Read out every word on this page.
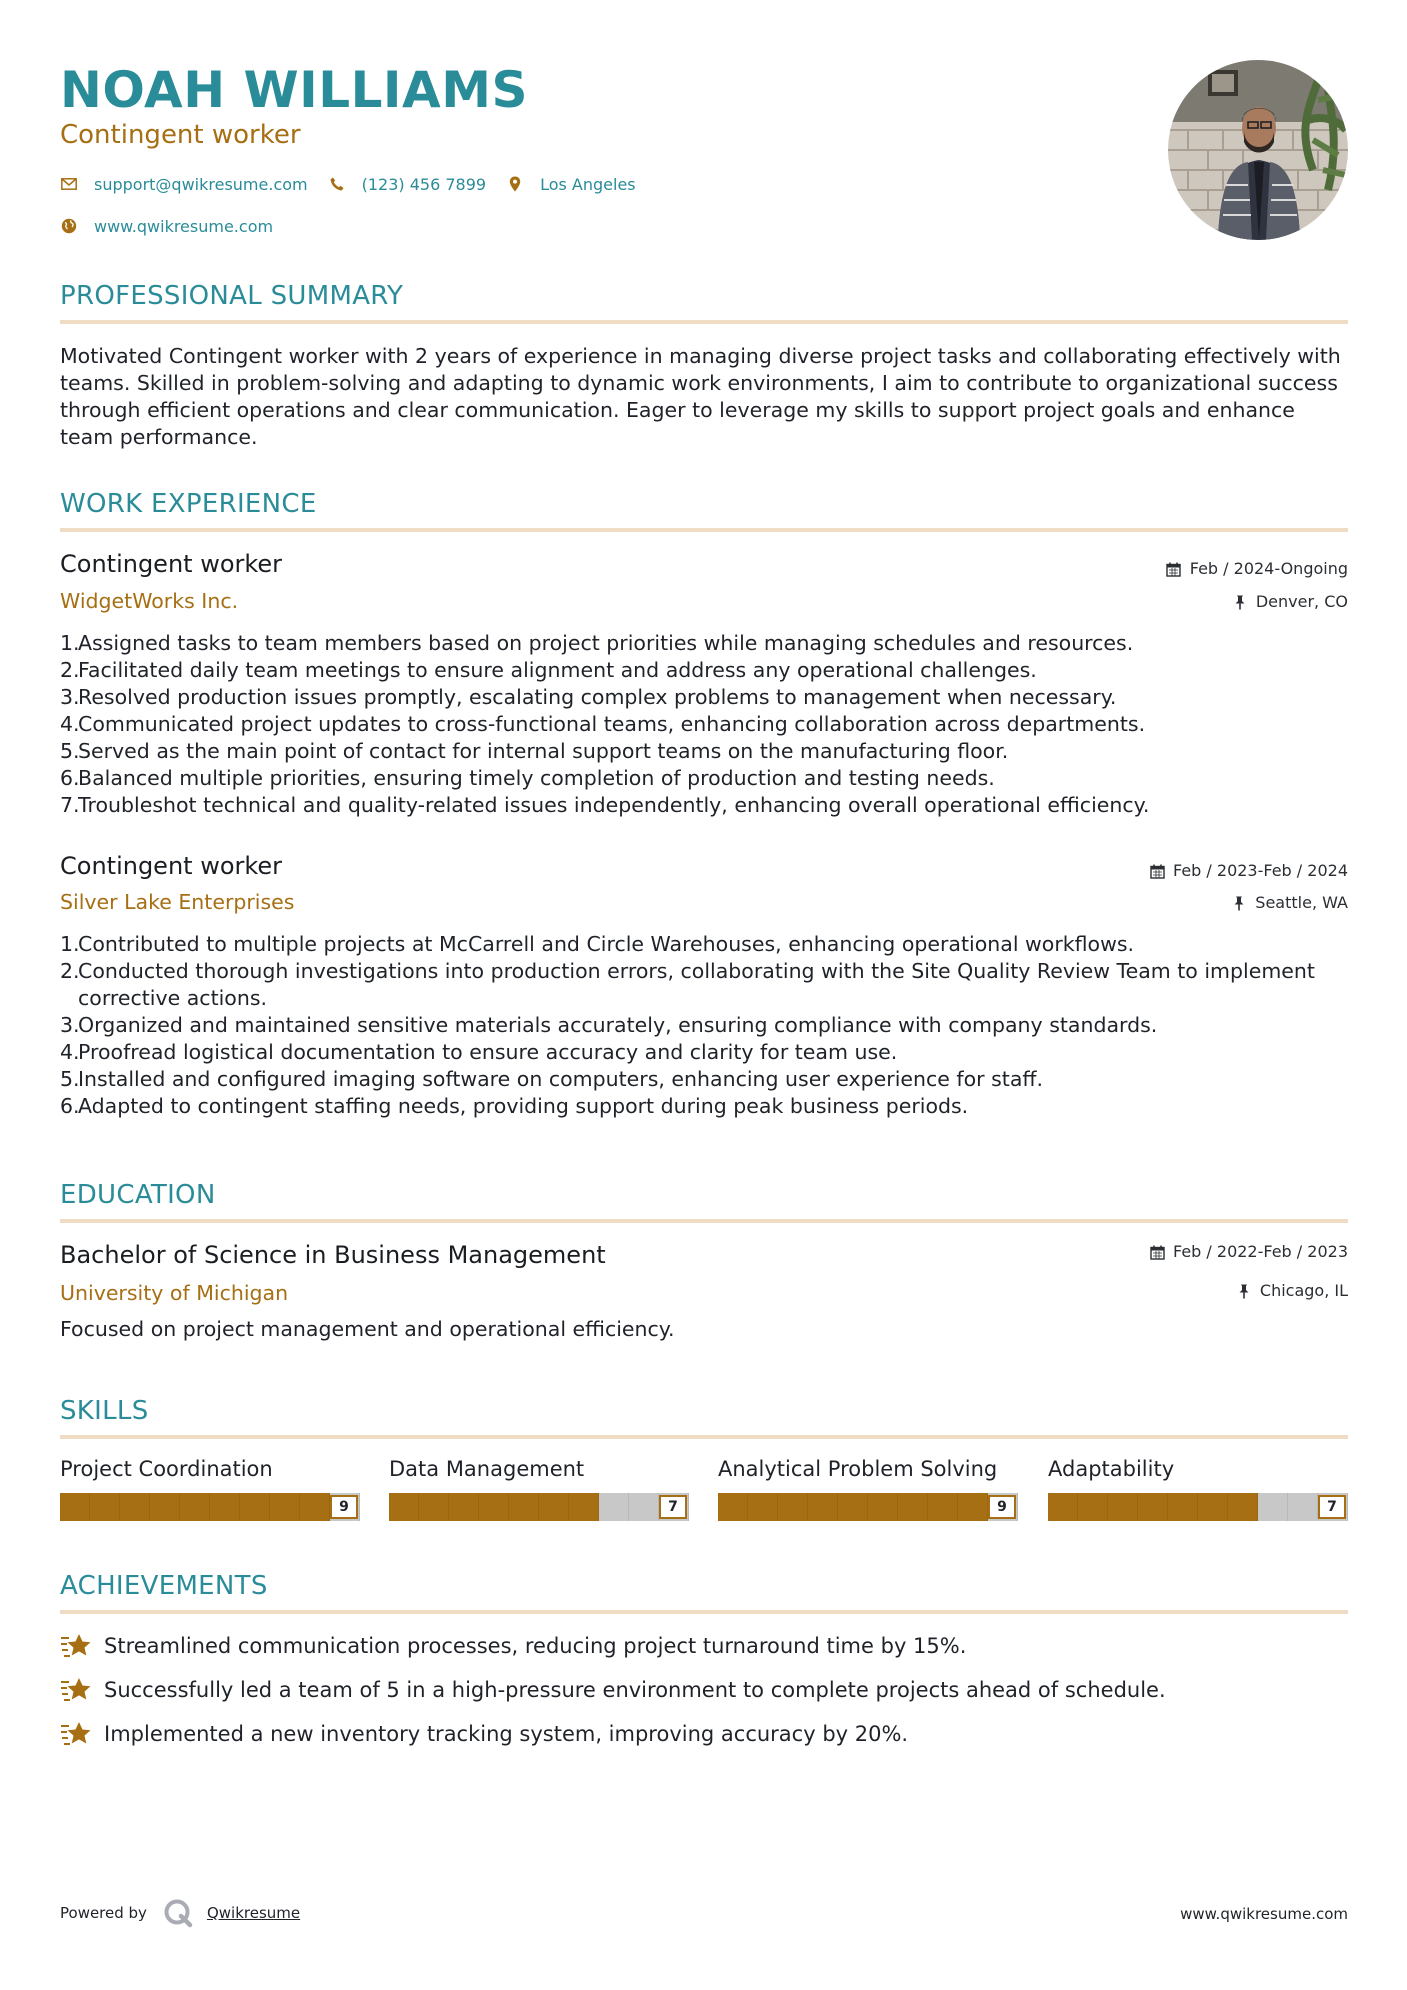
NOAH WILLIAMS
Contingent worker
support@qwikresume.com	(123) 456 7899	Los Angeles
www.qwikresume.com
PROFESSIONAL SUMMARY

Motivated Contingent worker with 2 years of experience in managing diverse project tasks and collaborating effectively with teams. Skilled in problem-solving and adapting to dynamic work environments, I aim to contribute to organizational success through efficient operations and clear communication. Eager to leverage my skills to support project goals and enhance team performance.

WORK EXPERIENCE
Contingent worker	Feb / 2024-Ongoing
WidgetWorks Inc.	Denver, CO
1.
Assigned tasks to team members based on project priorities while managing schedules and resources.
2.
Facilitated daily team meetings to ensure alignment and address any operational challenges.
3.
Resolved production issues promptly, escalating complex problems to management when necessary.
4.
Communicated project updates to cross-functional teams, enhancing collaboration across departments.
5.
Served as the main point of contact for internal support teams on the manufacturing floor.
6.
Balanced multiple priorities, ensuring timely completion of production and testing needs.
7.
Troubleshot technical and quality-related issues independently, enhancing overall operational efficiency.
Contingent worker	Feb / 2023-Feb / 2024
Silver Lake Enterprises	Seattle, WA
1.
Contributed to multiple projects at McCarrell and Circle Warehouses, enhancing operational workflows.
2.
Conducted thorough investigations into production errors, collaborating with the Site Quality Review Team to implement corrective actions.
3.
Organized and maintained sensitive materials accurately, ensuring compliance with company standards.
4.
Proofread logistical documentation to ensure accuracy and clarity for team use.
5.
Installed and configured imaging software on computers, enhancing user experience for staff.
6.
Adapted to contingent staffing needs, providing support during peak business periods.
EDUCATION
Bachelor of Science in Business Management	Feb / 2022-Feb / 2023
University of Michigan	Chicago, IL

Focused on project management and operational efficiency.

SKILLS
Project Coordination
9
Data Management
7
Analytical Problem Solving
9
Adaptability
7
ACHIEVEMENTS
Streamlined communication processes, reducing project turnaround time by 15%.
Successfully led a team of 5 in a high-pressure environment to complete projects ahead of schedule.
Implemented a new inventory tracking system, improving accuracy by 20%.
Powered by	Qwikresume	www.qwikresume.com
